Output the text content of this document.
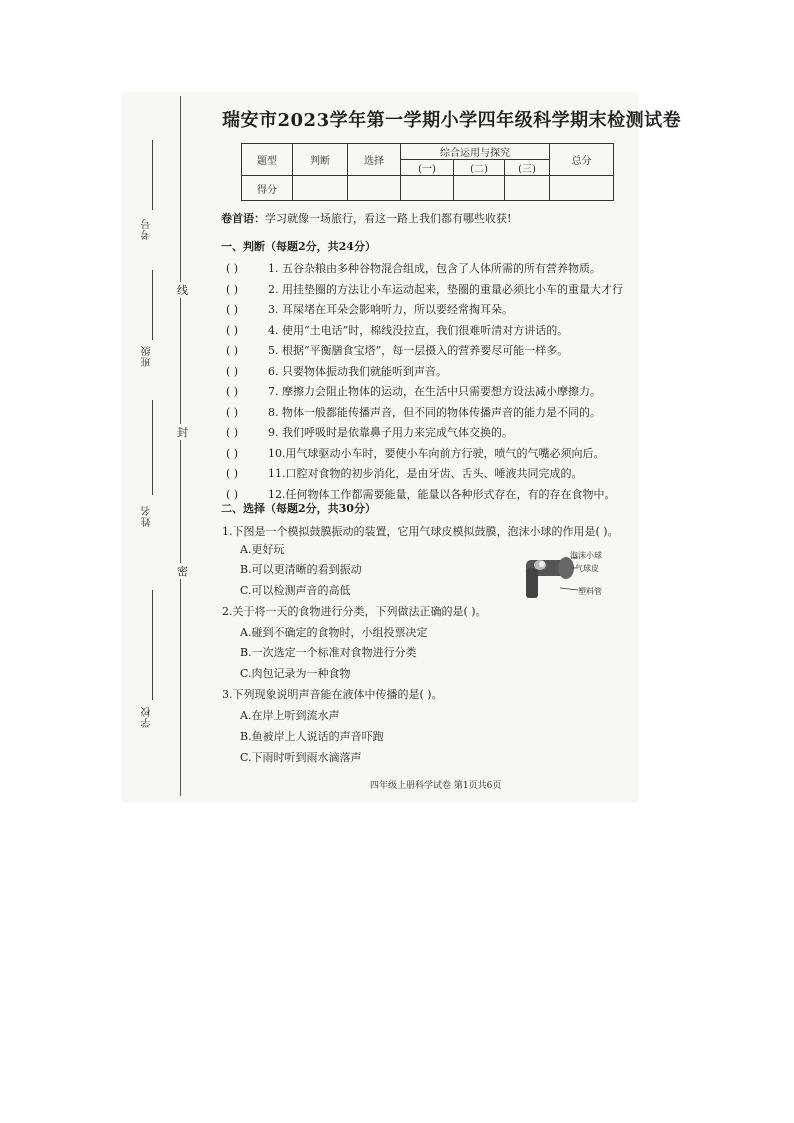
考号
班级
姓名
学校
线
封
密
瑞安市2023学年第一学期小学四年级科学期末检测试卷
题型	判断	选择	综合运用与探究			总分
			(一)	(二)	(三)	
得分						
卷首语：学习就像一场旅行，看这一路上我们都有哪些收获!
一、判断（每题2分，共24分）
( )	1. 五谷杂粮由多种谷物混合组成，包含了人体所需的所有营养物质。
( )	2. 用挂垫圈的方法让小车运动起来，垫圈的重量必须比小车的重量大才行
( )	3. 耳屎堵在耳朵会影响听力，所以要经常掏耳朵。
( )	4. 使用“土电话”时，棉线没拉直，我们很难听清对方讲话的。
( )	5. 根据“平衡膳食宝塔”，每一层摄入的营养要尽可能一样多。
( )	6. 只要物体振动我们就能听到声音。
( )	7. 摩擦力会阻止物体的运动，在生活中只需要想方设法减小摩擦力。
( )	8. 物体一般都能传播声音，但不同的物体传播声音的能力是不同的。
( )	9. 我们呼吸时是依靠鼻子用力来完成气体交换的。
( )	10.用气球驱动小车时，要使小车向前方行驶，喷气的气嘴必须向后。
( )	11.口腔对食物的初步消化，是由牙齿、舌头、唾液共同完成的。
( )	12.任何物体工作都需要能量，能量以各种形式存在，有的存在食物中。
二、选择（每题2分，共30分）
1.下图是一个模拟鼓膜振动的装置，它用气球皮模拟鼓膜，泡沫小球的作用是( )。
A.更好玩
B.可以更清晰的看到振动
C.可以检测声音的高低
2.关于将一天的食物进行分类，下列做法正确的是( )。
A.碰到不确定的食物时，小组投票决定
B.一次选定一个标准对食物进行分类
C.肉包记录为一种食物
3.下列现象说明声音能在液体中传播的是( )。
A.在岸上听到流水声
B.鱼被岸上人说话的声音吓跑
C.下雨时听到雨水滴落声
泡沫小球
气球皮
塑料管
四年级上册科学试卷 第1页共6页
